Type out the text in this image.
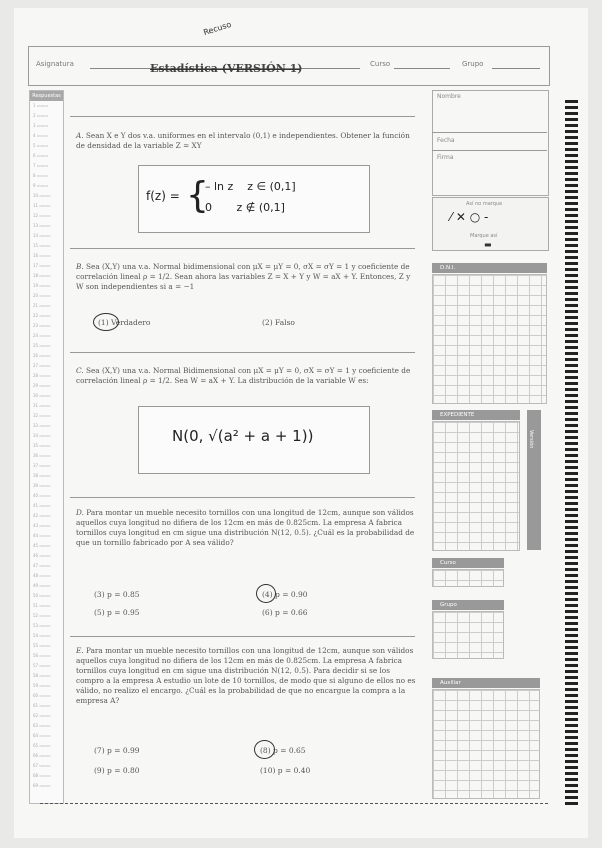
Recuso
Asignatura	Estadística (VERSIÓN 1)	Curso	Grupo
Respuestas
1 ▭▭▭
2 ▭▭▭
3 ▭▭▭
4 ▭▭▭
5 ▭▭▭
6 ▭▭▭
7 ▭▭▭
8 ▭▭▭
9 ▭▭▭
10 ▭▭▭
11 ▭▭▭
12 ▭▭▭
13 ▭▭▭
14 ▭▭▭
15 ▭▭▭
16 ▭▭▭
17 ▭▭▭
18 ▭▭▭
19 ▭▭▭
20 ▭▭▭
21 ▭▭▭
22 ▭▭▭
23 ▭▭▭
24 ▭▭▭
25 ▭▭▭
26 ▭▭▭
27 ▭▭▭
28 ▭▭▭
29 ▭▭▭
30 ▭▭▭
31 ▭▭▭
32 ▭▭▭
33 ▭▭▭
34 ▭▭▭
35 ▭▭▭
36 ▭▭▭
37 ▭▭▭
38 ▭▭▭
39 ▭▭▭
40 ▭▭▭
41 ▭▭▭
42 ▭▭▭
43 ▭▭▭
44 ▭▭▭
45 ▭▭▭
46 ▭▭▭
47 ▭▭▭
48 ▭▭▭
49 ▭▭▭
50 ▭▭▭
51 ▭▭▭
52 ▭▭▭
53 ▭▭▭
54 ▭▭▭
55 ▭▭▭
56 ▭▭▭
57 ▭▭▭
58 ▭▭▭
59 ▭▭▭
60 ▭▭▭
61 ▭▭▭
62 ▭▭▭
63 ▭▭▭
64 ▭▭▭
65 ▭▭▭
66 ▭▭▭
67 ▭▭▭
68 ▭▭▭
69 ▭▭▭
A. Sean X e Y dos v.a. uniformes en el intervalo (0,1) e independientes. Obtener la función de densidad de la variable Z = XY
f(z) = {
– ln z    z ∈ (0,1]
0       z ∉ (0,1]
B. Sea (X,Y) una v.a. Normal bidimensional con μX = μY = 0, σX = σY = 1 y coeficiente de correlación lineal ρ = 1/2. Sean ahora las variables Z = X + Y y W = aX + Y. Entonces, Z y W son independientes si a = −1
(1) Verdadero	(2) Falso
C. Sea (X,Y) una v.a. Normal Bidimensional con μX = μY = 0, σX = σY = 1 y coeficiente de correlación lineal ρ = 1/2. Sea W = aX + Y. La distribución de la variable W es:
N(0, √(a² + a + 1))
D. Para montar un mueble necesito tornillos con una longitud de 12cm, aunque son válidos aquellos cuya longitud no difiera de los 12cm en más de 0.825cm. La empresa A fabrica tornillos cuya longitud en cm sigue una distribución N(12, 0.5). ¿Cuál es la probabilidad de que un tornillo fabricado por A sea válido?
(3) p = 0.85	(4) p = 0.90
(5) p = 0.95	(6) p = 0.66
E. Para montar un mueble necesito tornillos con una longitud de 12cm, aunque son válidos aquellos cuya longitud no difiera de los 12cm en más de 0.825cm. La empresa A fabrica tornillos cuya longitud en cm sigue una distribución N(12, 0.5). Para decidir si se los compro a la empresa A estudio un lote de 10 tornillos, de modo que si alguno de ellos no es válido, no realizo el encargo. ¿Cuál es la probabilidad de que no encargue la compra a la empresa A?
(7) p = 0.99	(8) p = 0.65
(9) p = 0.80	(10) p = 0.40
Nombre
Fecha
Firma
Así no marque
⁄ ✕ ○ ‑
Marque así
▬
D.N.I.
EXPEDIENTE
Versión
Curso
Grupo
Auxiliar
